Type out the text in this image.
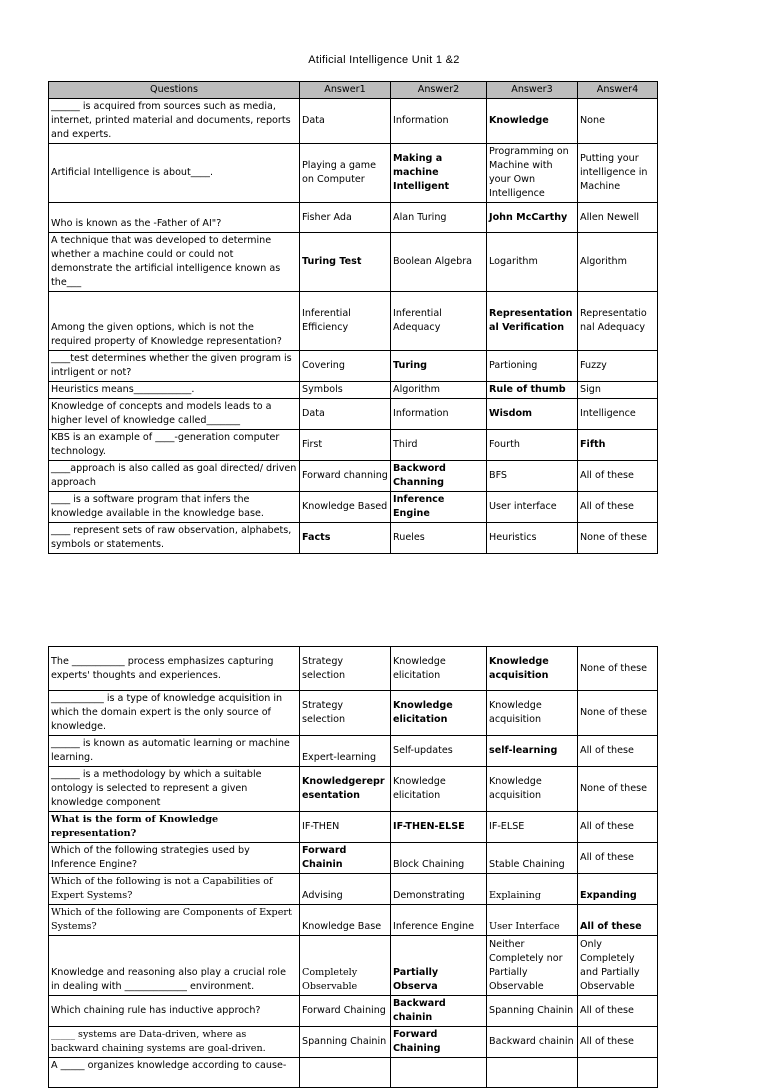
Atificial Intelligence Unit 1 &2
Questions	Answer1	Answer2	Answer3	Answer4
______ is acquired from sources such as media, internet, printed material and documents, reports and experts.	Data	Information	Knowledge	None
Artificial Intelligence is about____.	Playing a game on Computer	Making a machine Intelligent	Programming on Machine with your Own Intelligence	Putting your intelligence in Machine
Who is known as the -Father of AI"?	Fisher Ada	Alan Turing	John McCarthy	Allen Newell
A technique that was developed to determine whether a machine could or could not demonstrate the artificial intelligence known as the___	Turing Test	Boolean Algebra	Logarithm	Algorithm
Among the given options, which is not the required property of Knowledge representation?	Inferential Efficiency	Inferential Adequacy	Representation al Verification	Representatio nal Adequacy
____test determines whether the given program is intrligent or not?	Covering	Turing	Partioning	Fuzzy
Heuristics means____________.	Symbols	Algorithm	Rule of thumb	Sign
Knowledge of concepts and models leads to a higher level of knowledge called_______	Data	Information	Wisdom	Intelligence
KBS is an example of ____-generation computer technology.	First	Third	Fourth	Fifth
____approach is also called as goal directed/ driven approach	Forward channing	Backword Channing	BFS	All of these
____ is a software program that infers the knowledge available in the knowledge base.	Knowledge Based	Inference Engine	User interface	All of these
____ represent sets of raw observation, alphabets, symbols or statements.	Facts	Rueles	Heuristics	None of these
The ___________ process emphasizes capturing experts' thoughts and experiences.	Strategy selection	Knowledge elicitation	Knowledge acquisition	None of these
___________ is a type of knowledge acquisition in which the domain expert is the only source of knowledge.	Strategy selection	Knowledge elicitation	Knowledge acquisition	None of these
______ is known as automatic learning or machine learning.	Expert-learning	Self-updates	self-learning	All of these
______ is a methodology by which a suitable ontology is selected to represent a given knowledge component	Knowledgerepr esentation	Knowledge elicitation	Knowledge acquisition	None of these
What is the form of Knowledge representation?	IF-THEN	IF-THEN-ELSE	IF-ELSE	All of these
Which of the following strategies used by Inference Engine?	Forward Chainin	Block Chaining	Stable Chaining	All of these
Which of the following is not a Capabilities of Expert Systems?	Advising	Demonstrating	Explaining	Expanding
Which of the following are Components of Expert Systems?	Knowledge Base	Inference Engine	User Interface	All of these
Knowledge and reasoning also play a crucial role in dealing with _____________ environment.	Completely Observable	Partially Observa	Neither Completely nor Partially Observable	Only Completely and Partially Observable
Which chaining rule has inductive approch?	Forward Chaining	Backward chainin	Spanning Chainin	All of these
_____ systems are Data-driven, where as backward chaining systems are goal-driven.	Spanning Chainin	Forward Chaining	Backward chainin	All of these
A _____ organizes knowledge according to cause-				
